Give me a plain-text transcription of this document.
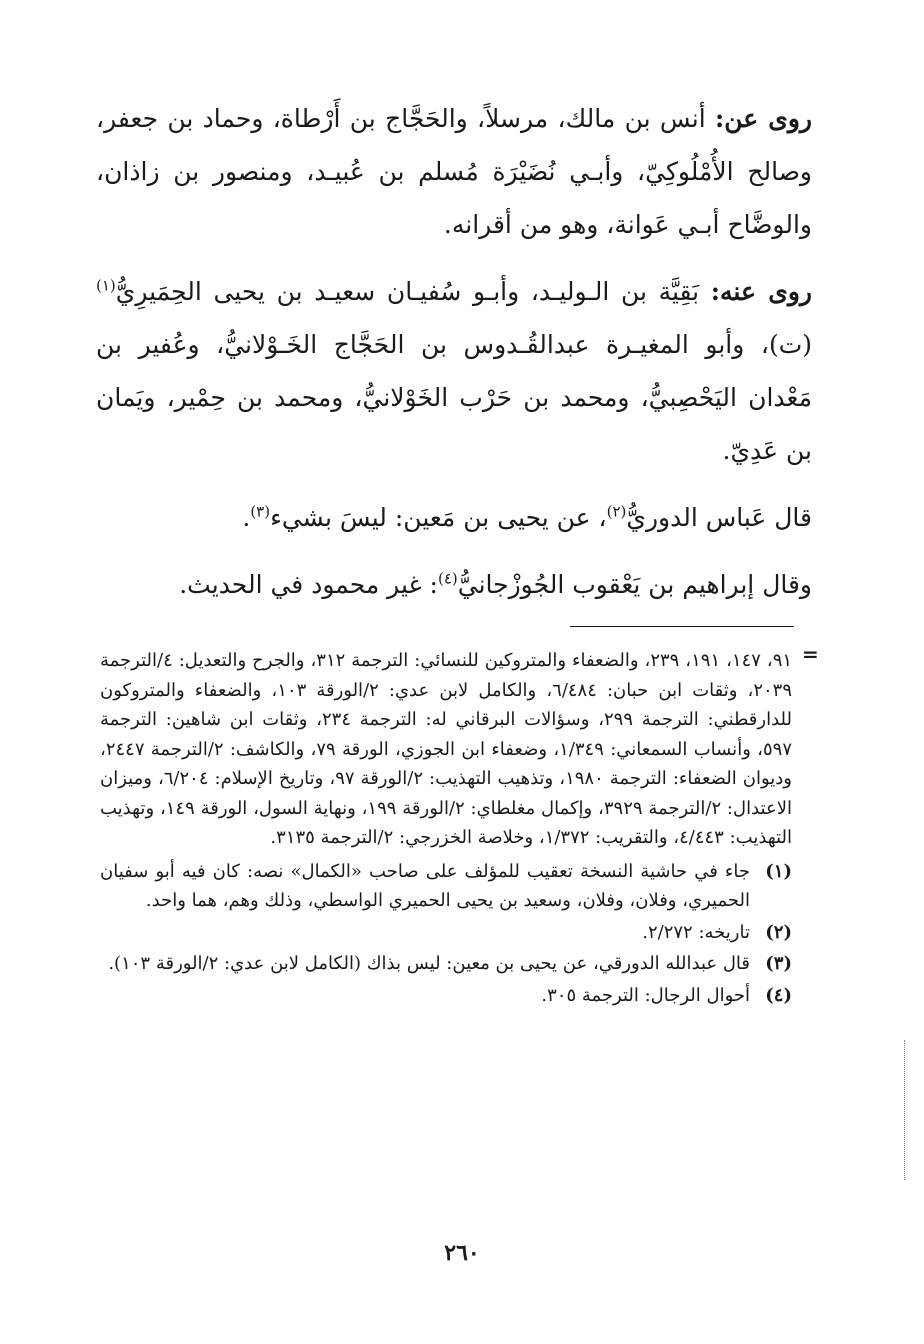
روى عن: أنس بن مالك، مرسلاً، والحَجَّاج بن أَرْطاة، وحماد بن جعفر، وصالح الأُمْلُوكِيّ، وأبـي نُضَيْرَة مُسلم بن عُبيـد، ومنصور بن زاذان، والوضَّاح أبـي عَوانة، وهو من أقرانه.

روى عنه: بَقِيَّة بن الـوليـد، وأبـو سُفيـان سعيـد بن يحيى الحِمَيرِيُّ$^{(١)}$ (ت)، وأبو المغيـرة عبدالقُـدوس بن الحَجَّاج الخَـوْلانيُّ، وعُفير بن مَعْدان اليَحْصِبيُّ، ومحمد بن حَرْب الخَوْلانيُّ، ومحمد بن حِمْير، ويَمان بن عَدِيّ.

قال عَباس الدوريُّ$^{(٢)}$، عن يحيى بن مَعين: ليسَ بشيء$^{(٣)}$.

وقال إبراهيم بن يَعْقوب الجُوزْجانيُّ$^{(٤)}$: غير محمود في الحديث.

=

٩١، ١٤٧، ١٩١، ٢٣٩، والضعفاء والمتروكين للنسائي: الترجمة ٣١٢، والجرح والتعديل: ٤/الترجمة ٢٠٣٩، وثقات ابن حبان: ٦/٤٨٤، والكامل لابن عدي: ٢/الورقة ١٠٣، والضعفاء والمتروكون للدارقطني: الترجمة ٢٩٩، وسؤالات البرقاني له: الترجمة ٢٣٤، وثقات ابن شاهين: الترجمة ٥٩٧، وأنساب السمعاني: ١/٣٤٩، وضعفاء ابن الجوزي، الورقة ٧٩، والكاشف: ٢/الترجمة ٢٤٤٧، وديوان الضعفاء: الترجمة ١٩٨٠، وتذهيب التهذيب: ٢/الورقة ٩٧، وتاريخ الإسلام: ٦/٢٠٤، وميزان الاعتدال: ٢/الترجمة ٣٩٢٩، وإكمال مغلطاي: ٢/الورقة ١٩٩، ونهاية السول، الورقة ١٤٩، وتهذيب التهذيب: ٤/٤٤٣، والتقريب: ١/٣٧٢، وخلاصة الخزرجي: ٢/الترجمة ٣١٣٥.

(١)
جاء في حاشية النسخة تعقيب للمؤلف على صاحب «الكمال» نصه: كان فيه أبو سفيان الحميري، وفلان، وفلان، وسعيد بن يحيى الحميري الواسطي، وذلك وهم، هما واحد.
(٢)
تاريخه: ٢/٢٧٢.
(٣)
قال عبدالله الدورقي، عن يحيى بن معين: ليس بذاك (الكامل لابن عدي: ٢/الورقة ١٠٣).
(٤)
أحوال الرجال: الترجمة ٣٠٥.
٢٦٠
